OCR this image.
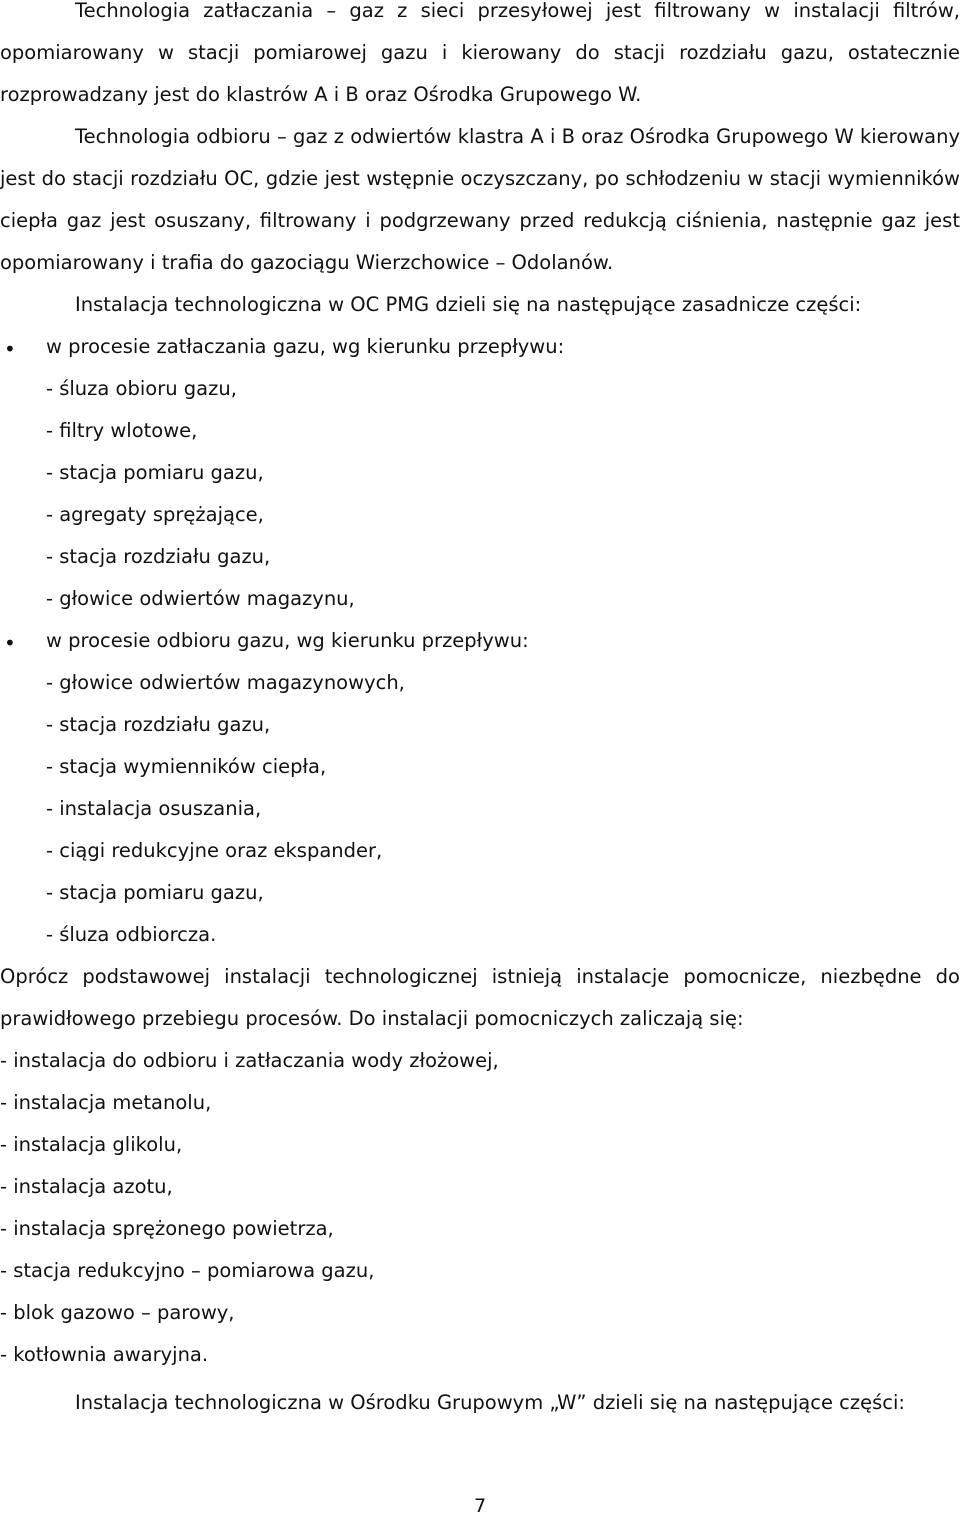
Technologia zatłaczania – gaz z sieci przesyłowej jest filtrowany w instalacji filtrów, opomiarowany w stacji pomiarowej gazu i kierowany do stacji rozdziału gazu, ostatecznie rozprowadzany jest do klastrów A i B oraz Ośrodka Grupowego W.

Technologia odbioru – gaz z odwiertów klastra A i B oraz Ośrodka Grupowego W kierowany jest do stacji rozdziału OC, gdzie jest wstępnie oczyszczany, po schłodzeniu w stacji wymienników ciepła gaz jest osuszany, filtrowany i podgrzewany przed redukcją ciśnienia, następnie gaz jest opomiarowany i trafia do gazociągu Wierzchowice – Odolanów.

Instalacja technologiczna w OC PMG dzieli się na następujące zasadnicze części:
• w procesie zatłaczania gazu, wg kierunku przepływu:
- śluza obioru gazu,
- filtry wlotowe,
- stacja pomiaru gazu,
- agregaty sprężające,
- stacja rozdziału gazu,
- głowice odwiertów magazynu,
• w procesie odbioru gazu, wg kierunku przepływu:
- głowice odwiertów magazynowych,
- stacja rozdziału gazu,
- stacja wymienników ciepła,
- instalacja osuszania,
- ciągi redukcyjne oraz ekspander,
- stacja pomiaru gazu,
- śluza odbiorcza.

Oprócz podstawowej instalacji technologicznej istnieją instalacje pomocnicze, niezbędne do prawidłowego przebiegu procesów. Do instalacji pomocniczych zaliczają się:

- instalacja do odbioru i zatłaczania wody złożowej,
- instalacja metanolu,
- instalacja glikolu,
- instalacja azotu,
- instalacja sprężonego powietrza,
- stacja redukcyjno – pomiarowa gazu,
- blok gazowo – parowy,
- kotłownia awaryjna.
Instalacja technologiczna w Ośrodku Grupowym „W” dzieli się na następujące części:
7
